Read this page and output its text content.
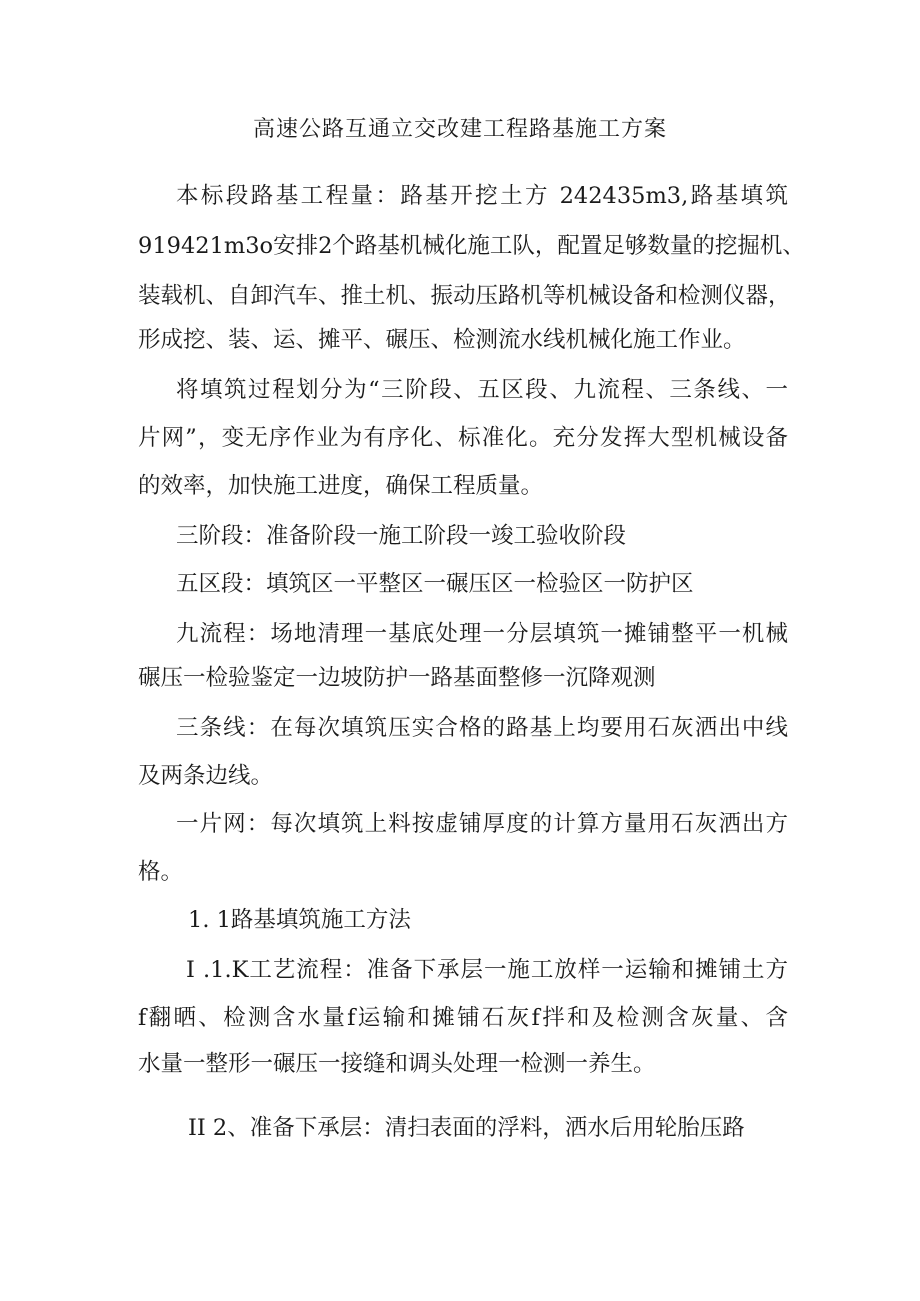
高速公路互通立交改建工程路基施工方案
本标段路基工程量：路基开挖土方 242435m3,路基填筑
919421m3o安排2个路基机械化施工队，配置足够数量的挖掘机、
装载机、自卸汽车、推土机、振动压路机等机械设备和检测仪器，
形成挖、装、运、摊平、碾压、检测流水线机械化施工作业。
将填筑过程划分为“三阶段、五区段、九流程、三条线、一
片网”，变无序作业为有序化、标准化。充分发挥大型机械设备
的效率，加快施工进度，确保工程质量。
三阶段：准备阶段一施工阶段一竣工验收阶段
五区段：填筑区一平整区一碾压区一检验区一防护区
九流程：场地清理一基底处理一分层填筑一摊铺整平一机械
碾压一检验鉴定一边坡防护一路基面整修一沉降观测
三条线：在每次填筑压实合格的路基上均要用石灰洒出中线
及两条边线。
一片网：每次填筑上料按虚铺厚度的计算方量用石灰洒出方
格。
1. 1路基填筑施工方法
I .1.K工艺流程：准备下承层一施工放样一运输和摊铺土方
f翻晒、检测含水量f运输和摊铺石灰f拌和及检测含灰量、含
水量一整形一碾压一接缝和调头处理一检测一养生。
II 2、准备下承层：清扫表面的浮料，洒水后用轮胎压路
